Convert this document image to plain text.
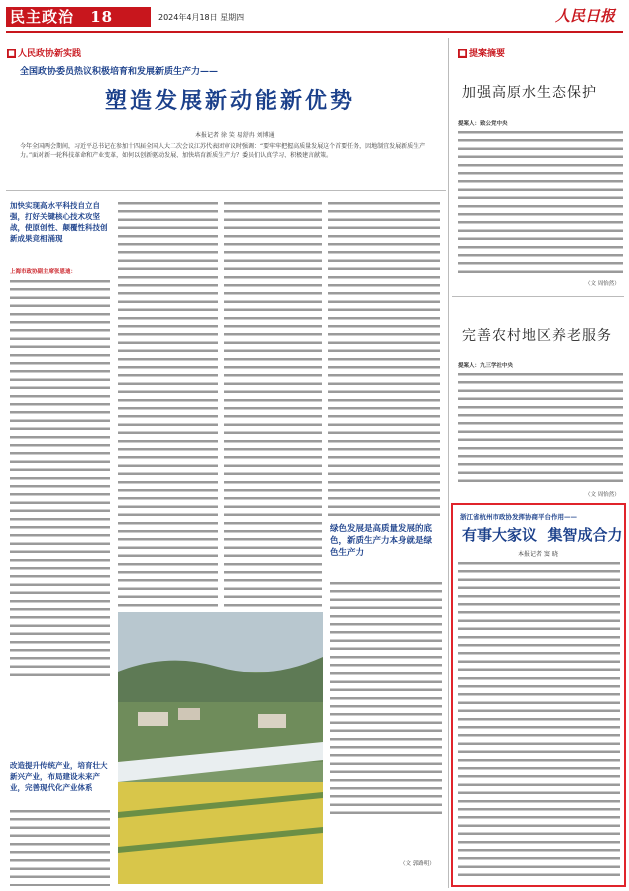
民主政治 18	2024年4月18日 星期四	人民日报
■ 人民政协新实践
全国政协委员热议积极培育和发展新质生产力——
塑造发展新动能新优势
本报记者 徐 笑 易舒冉 刘博通
今年全国两会期间，习近平总书记在参加十四届全国人大二次会议江苏代表团审议时强调：“要牢牢把握高质量发展这个首要任务，因地制宜发展新质生产力。”面对新一轮科技革命和产业变革，如何以创新驱动发展、加快培育新质生产力？委员们认真学习、积极建言献策。
加快实现高水平科技自立自强，打好关键核心技术攻坚战，使原创性、颠覆性科技创新成果竞相涌现
上海市政协副主席张恩迪：
改造提升传统产业，培育壮大新兴产业，布局建设未来产业，完善现代化产业体系
绿色发展是高质量发展的底色，新质生产力本身就是绿色生产力
（文 郭路明）
■ 提案摘要
加强高原水生态保护
提案人：致公党中央
（文 周怡然）
完善农村地区养老服务
提案人：九三学社中央
（文 周怡然）
浙江省杭州市政协发挥协商平台作用——
有事大家议  集智成合力
本报记者 窦 晓
